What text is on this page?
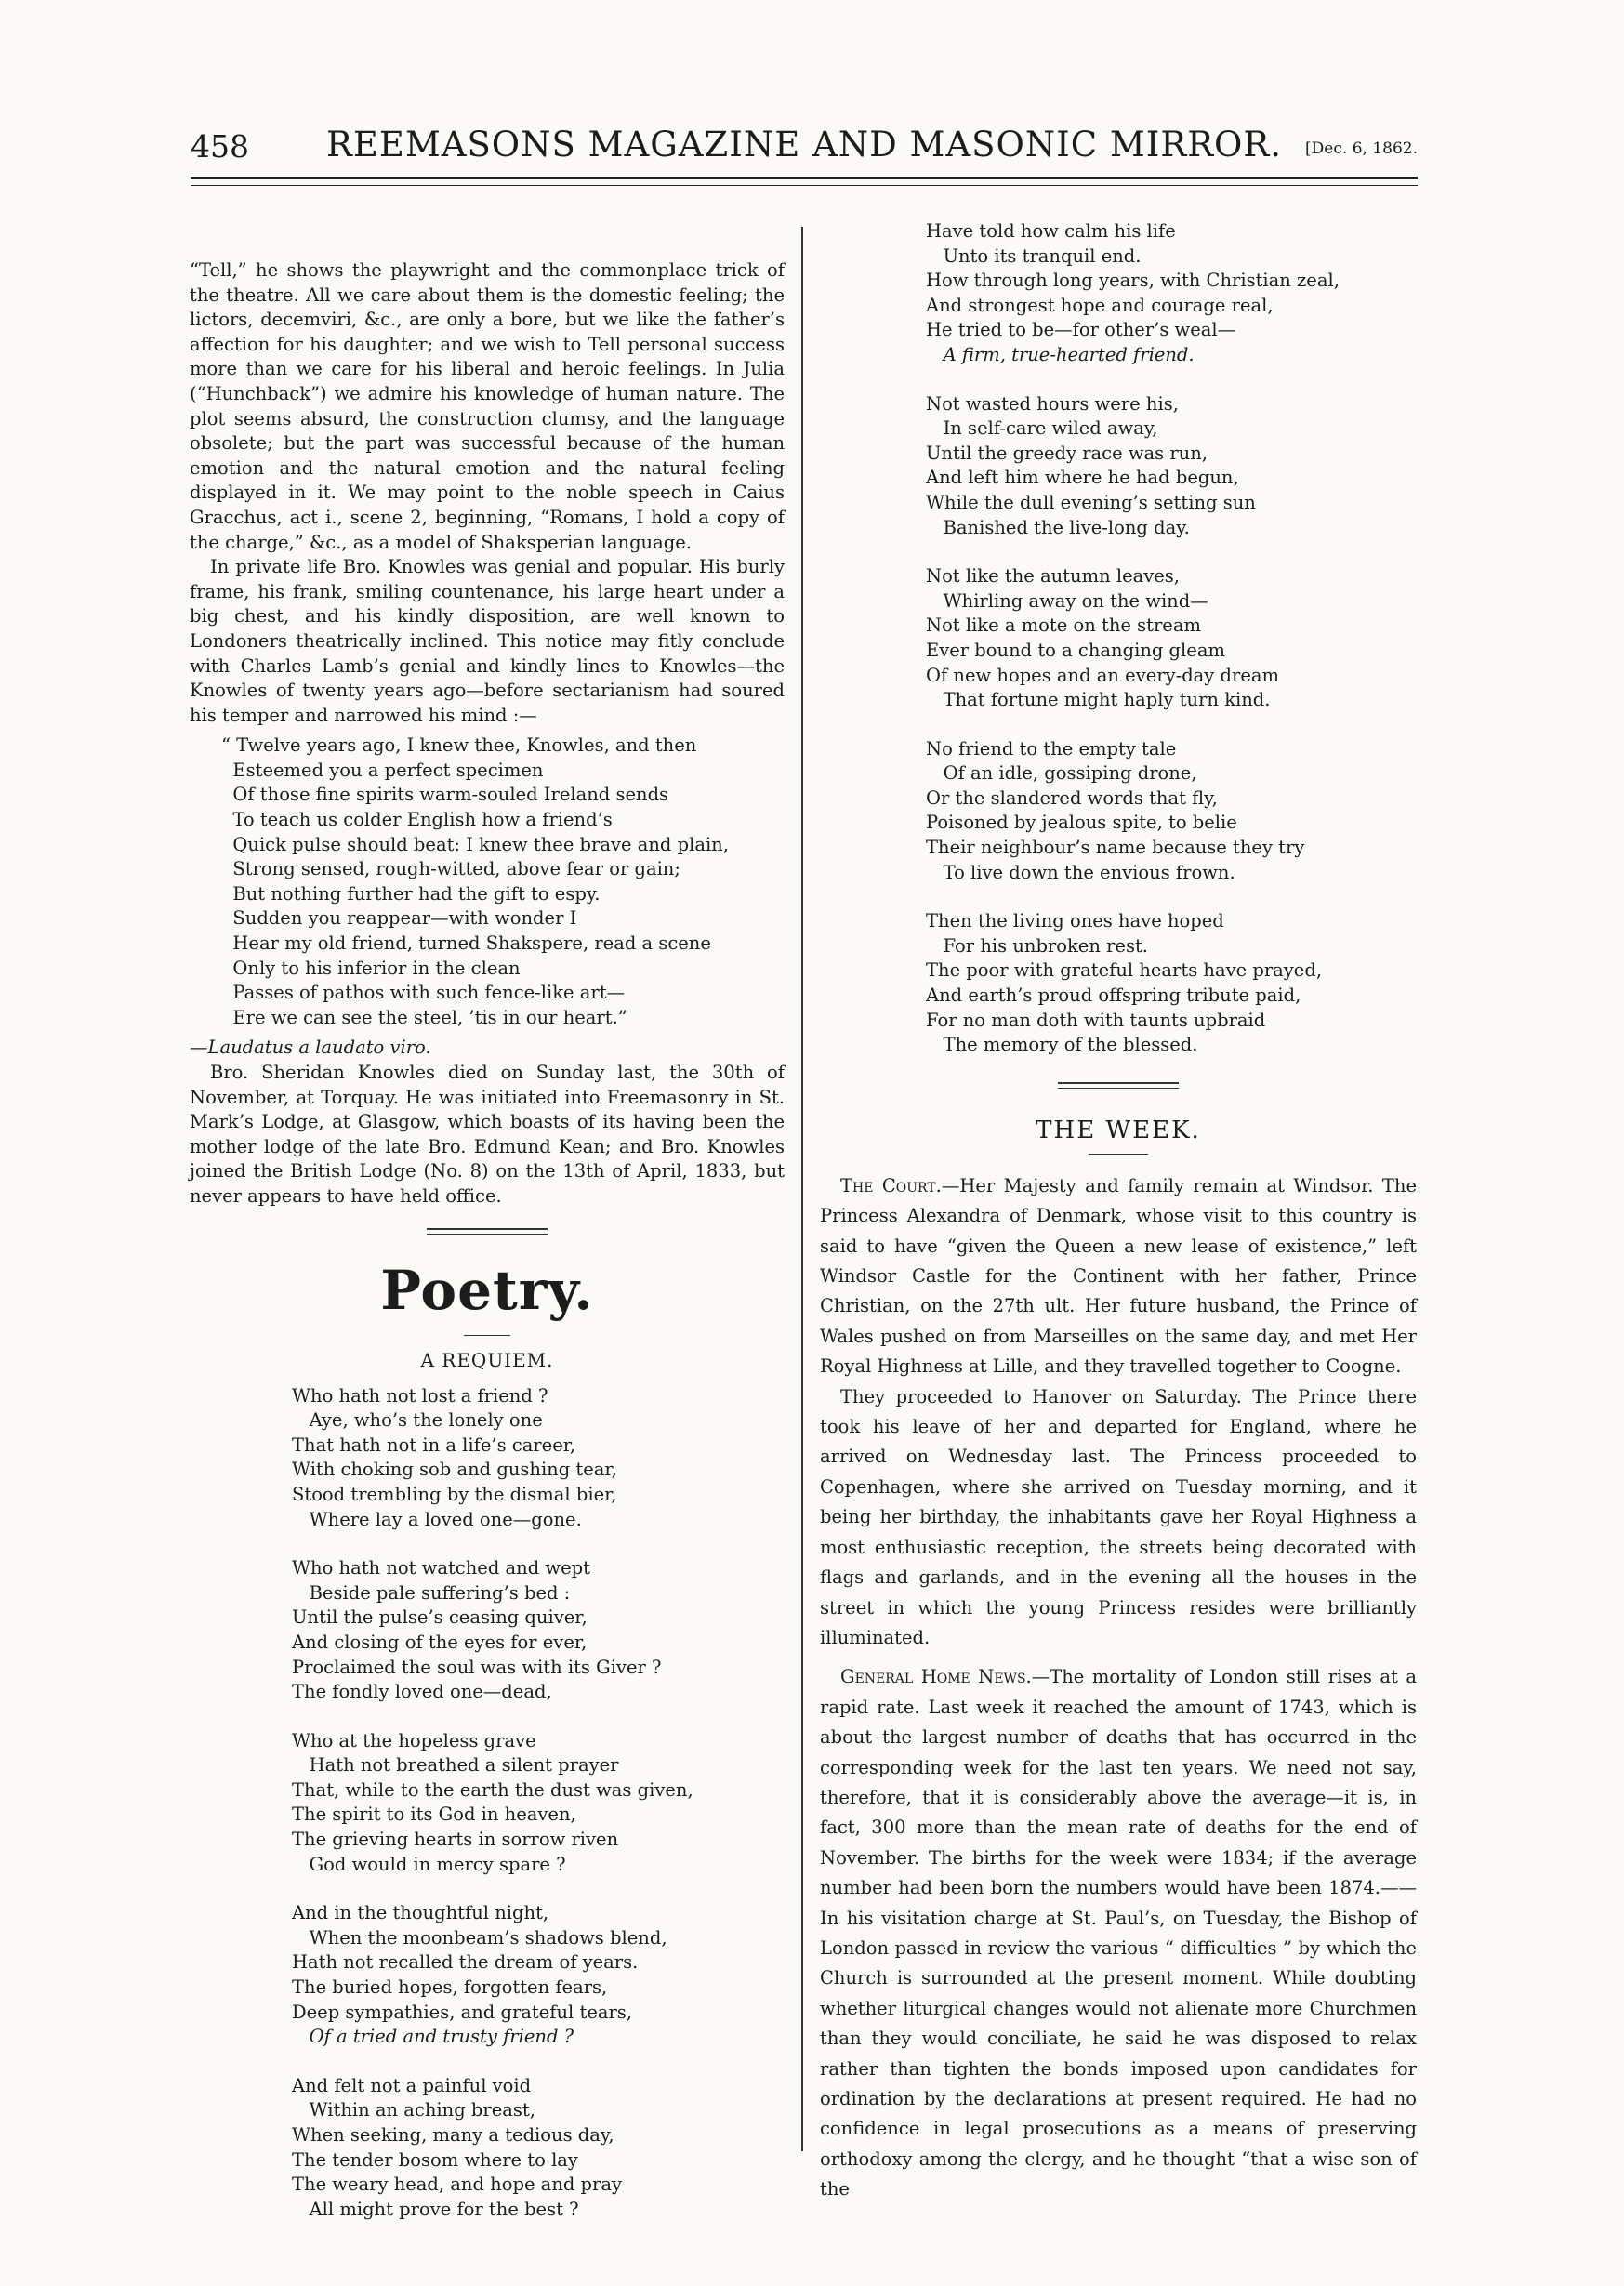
458	REEMASONS MAGAZINE AND MASONIC MIRROR.	[Dec. 6, 1862.

“Tell,” he shows the playwright and the commonplace trick of the theatre. All we care about them is the domestic feeling; the lictors, decemviri, &c., are only a bore, but we like the father’s affection for his daughter; and we wish to Tell personal success more than we care for his liberal and heroic feelings. In Julia (“Hunchback”) we admire his knowledge of human nature. The plot seems absurd, the construction clumsy, and the language obsolete; but the part was successful because of the human emotion and the natural emotion and the natural feeling displayed in it. We may point to the noble speech in Caius Gracchus, act i., scene 2, beginning, “Romans, I hold a copy of the charge,” &c., as a model of Shaksperian language.

In private life Bro. Knowles was genial and popular. His burly frame, his frank, smiling countenance, his large heart under a big chest, and his kindly disposition, are well known to Londoners theatrically inclined. This notice may fitly conclude with Charles Lamb’s genial and kindly lines to Knowles—the Knowles of twenty years ago—before sectarianism had soured his temper and narrowed his mind :—

“ Twelve years ago, I knew thee, Knowles, and then
Esteemed you a perfect specimen
Of those fine spirits warm-souled Ireland sends
To teach us colder English how a friend’s
Quick pulse should beat: I knew thee brave and plain,
Strong sensed, rough-witted, above fear or gain;
But nothing further had the gift to espy.
Sudden you reappear—with wonder I
Hear my old friend, turned Shakspere, read a scene
Only to his inferior in the clean
Passes of pathos with such fence-like art—
Ere we can see the steel, ’tis in our heart.”
—Laudatus a laudato viro.

Bro. Sheridan Knowles died on Sunday last, the 30th of November, at Torquay. He was initiated into Freemasonry in St. Mark’s Lodge, at Glasgow, which boasts of its having been the mother lodge of the late Bro. Edmund Kean; and Bro. Knowles joined the British Lodge (No. 8) on the 13th of April, 1833, but never appears to have held office.

Poetry.
A REQUIEM.
Who hath not lost a friend ?
Aye, who’s the lonely one
That hath not in a life’s career,
With choking sob and gushing tear,
Stood trembling by the dismal bier,
Where lay a loved one—gone.
Who hath not watched and wept
Beside pale suffering’s bed :
Until the pulse’s ceasing quiver,
And closing of the eyes for ever,
Proclaimed the soul was with its Giver ?
The fondly loved one—dead,
Who at the hopeless grave
Hath not breathed a silent prayer
That, while to the earth the dust was given,
The spirit to its God in heaven,
The grieving hearts in sorrow riven
God would in mercy spare ?
And in the thoughtful night,
When the moonbeam’s shadows blend,
Hath not recalled the dream of years.
The buried hopes, forgotten fears,
Deep sympathies, and grateful tears,
Of a tried and trusty friend ?
And felt not a painful void
Within an aching breast,
When seeking, many a tedious day,
The tender bosom where to lay
The weary head, and hope and pray
All might prove for the best ?
Have told how calm his life
Unto its tranquil end.
How through long years, with Christian zeal,
And strongest hope and courage real,
He tried to be—for other’s weal—
A firm, true-hearted friend.
Not wasted hours were his,
In self-care wiled away,
Until the greedy race was run,
And left him where he had begun,
While the dull evening’s setting sun
Banished the live-long day.
Not like the autumn leaves,
Whirling away on the wind—
Not like a mote on the stream
Ever bound to a changing gleam
Of new hopes and an every-day dream
That fortune might haply turn kind.
No friend to the empty tale
Of an idle, gossiping drone,
Or the slandered words that fly,
Poisoned by jealous spite, to belie
Their neighbour’s name because they try
To live down the envious frown.
Then the living ones have hoped
For his unbroken rest.
The poor with grateful hearts have prayed,
And earth’s proud offspring tribute paid,
For no man doth with taunts upbraid
The memory of the blessed.
THE WEEK.

The Court.—Her Majesty and family remain at Windsor. The Princess Alexandra of Denmark, whose visit to this country is said to have “given the Queen a new lease of existence,” left Windsor Castle for the Continent with her father, Prince Christian, on the 27th ult. Her future husband, the Prince of Wales pushed on from Marseilles on the same day, and met Her Royal Highness at Lille, and they travelled together to Coogne.

They proceeded to Hanover on Saturday. The Prince there took his leave of her and departed for England, where he arrived on Wednesday last. The Princess proceeded to Copenhagen, where she arrived on Tuesday morning, and it being her birthday, the inhabitants gave her Royal Highness a most enthusiastic reception, the streets being decorated with flags and garlands, and in the evening all the houses in the street in which the young Princess resides were brilliantly illuminated.

General Home News.—The mortality of London still rises at a rapid rate. Last week it reached the amount of 1743, which is about the largest number of deaths that has occurred in the corresponding week for the last ten years. We need not say, therefore, that it is considerably above the average—it is, in fact, 300 more than the mean rate of deaths for the end of November. The births for the week were 1834; if the average number had been born the numbers would have been 1874.—— In his visitation charge at St. Paul’s, on Tuesday, the Bishop of London passed in review the various “ difficulties ” by which the Church is surrounded at the present moment. While doubting whether liturgical changes would not alienate more Churchmen than they would conciliate, he said he was disposed to relax rather than tighten the bonds imposed upon candidates for ordination by the declarations at present required. He had no confidence in legal prosecutions as a means of preserving orthodoxy among the clergy, and he thought “that a wise son of the
